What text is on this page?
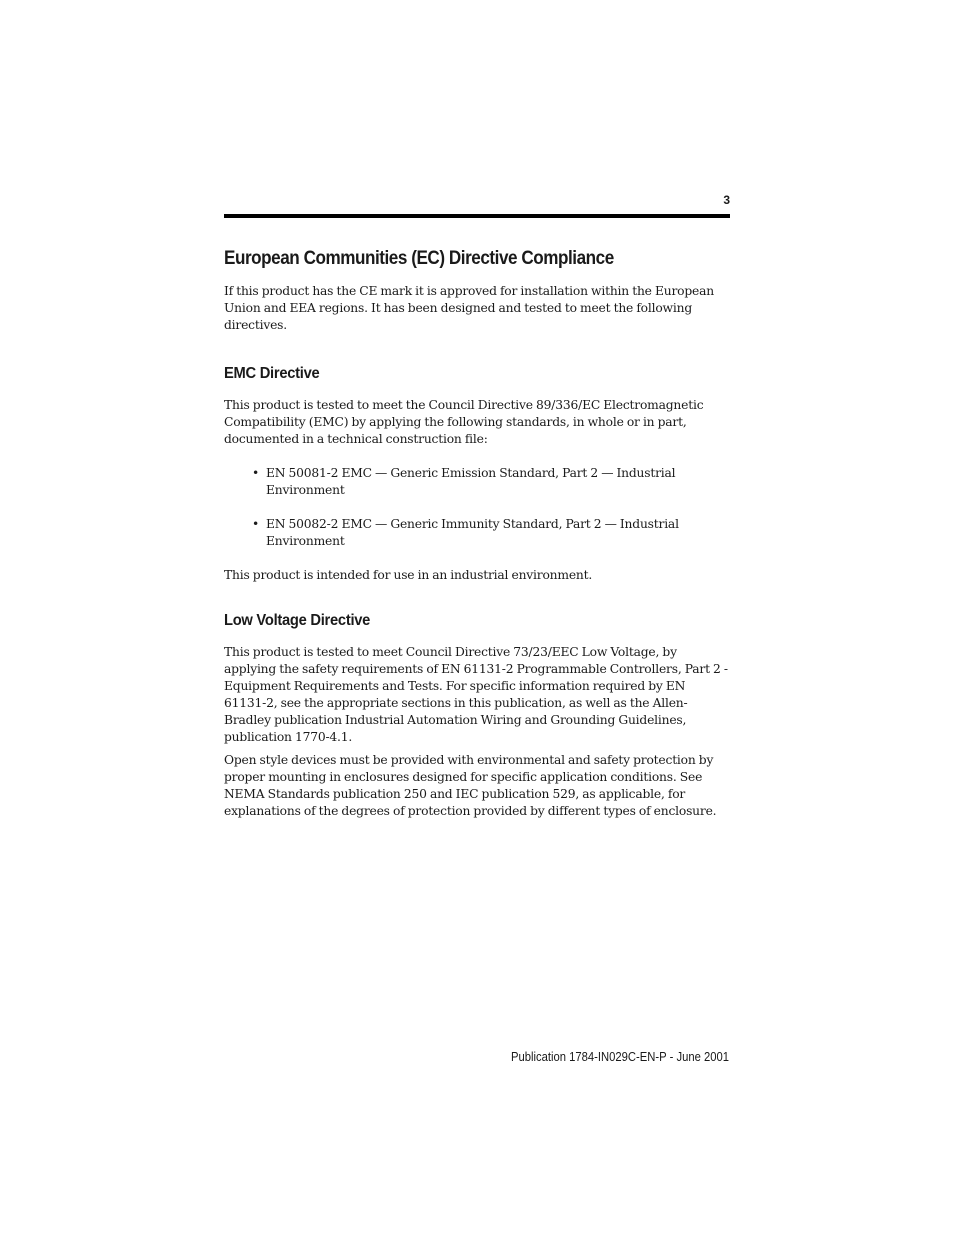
3
European Communities (EC) Directive Compliance

If this product has the CE mark it is approved for installation within the European Union and EEA regions. It has been designed and tested to meet the following directives.

EMC Directive

This product is tested to meet the Council Directive 89/336/EC Electromagnetic Compatibility (EMC) by applying the following standards, in whole or in part, documented in a technical construction file:

• EN 50081-2 EMC — Generic Emission Standard, Part 2 — Industrial Environment
• EN 50082-2 EMC — Generic Immunity Standard, Part 2 — Industrial Environment

This product is intended for use in an industrial environment.

Low Voltage Directive

This product is tested to meet Council Directive 73/23/EEC Low Voltage, by applying the safety requirements of EN 61131-2 Programmable Controllers, Part 2 - Equipment Requirements and Tests. For specific information required by EN 61131-2, see the appropriate sections in this publication, as well as the Allen-Bradley publication Industrial Automation Wiring and Grounding Guidelines, publication 1770-4.1.

Open style devices must be provided with environmental and safety protection by proper mounting in enclosures designed for specific application conditions. See NEMA Standards publication 250 and IEC publication 529, as applicable, for explanations of the degrees of protection provided by different types of enclosure.

Publication 1784-IN029C-EN-P - June 2001
